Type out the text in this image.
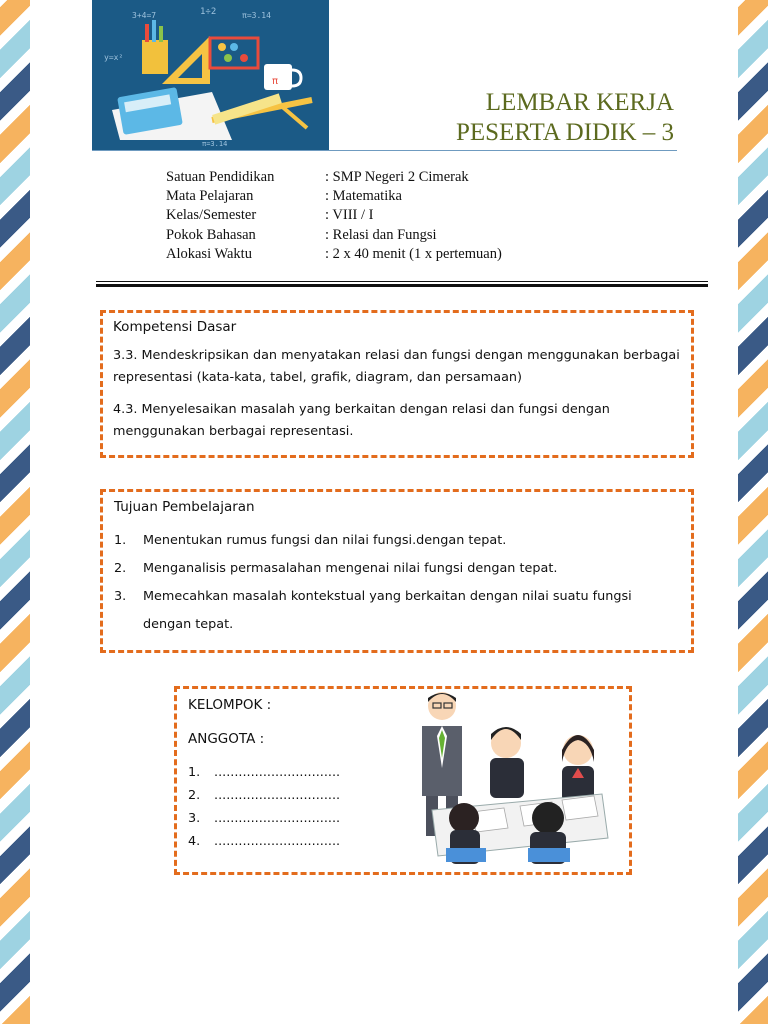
3+4=7	π=3.14
1÷2
y=x²
π=3.14
π
LEMBAR KERJA
PESERTA DIDIK – 3
Satuan Pendidikan	: SMP Negeri 2 Cimerak
Mata Pelajaran	: Matematika
Kelas/Semester	: VIII / I
Pokok Bahasan	: Relasi dan Fungsi
Alokasi Waktu	: 2 x 40 menit (1 x pertemuan)
Kompetensi Dasar

3.3. Mendeskripsikan dan menyatakan relasi dan fungsi dengan menggunakan berbagai representasi (kata-kata, tabel, grafik, diagram, dan persamaan)

4.3. Menyelesaikan masalah yang berkaitan dengan relasi dan fungsi dengan menggunakan berbagai representasi.

Tujuan Pembelajaran
1.	Menentukan rumus fungsi dan nilai fungsi.dengan tepat.
2.	Menganalisis permasalahan mengenai nilai fungsi dengan tepat.
3.	Memecahkan masalah kontekstual yang berkaitan dengan nilai suatu fungsi dengan tepat.
KELOMPOK :
ANGGOTA :
1.	...............................
2.	...............................
3.	...............................
4.	...............................
